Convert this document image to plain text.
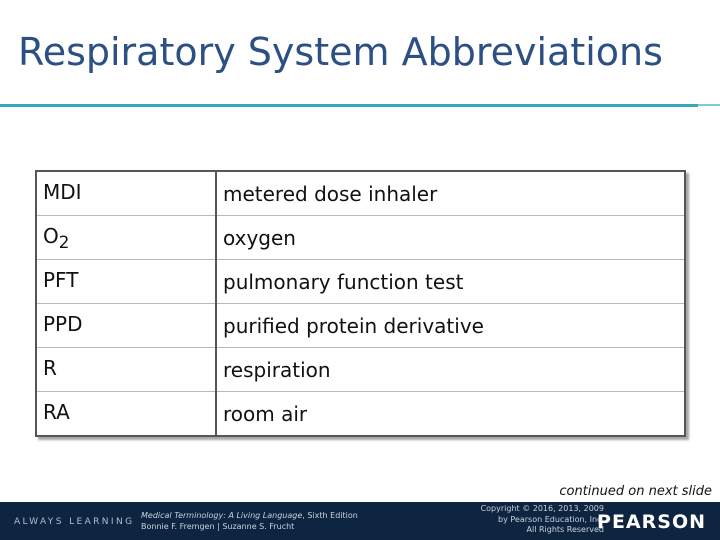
Respiratory System Abbreviations
MDI	metered dose inhaler
$O_2$	oxygen
PFT	pulmonary function test
PPD	purified protein derivative
R	respiration
RA	room air
continued on next slide
ALWAYS LEARNING
Medical Terminology: A Living Language, Sixth Edition
Bonnie F. Fremgen | Suzanne S. Frucht
Copyright © 2016, 2013, 2009
by Pearson Education, Inc.
All Rights Reserved
PEARSON
